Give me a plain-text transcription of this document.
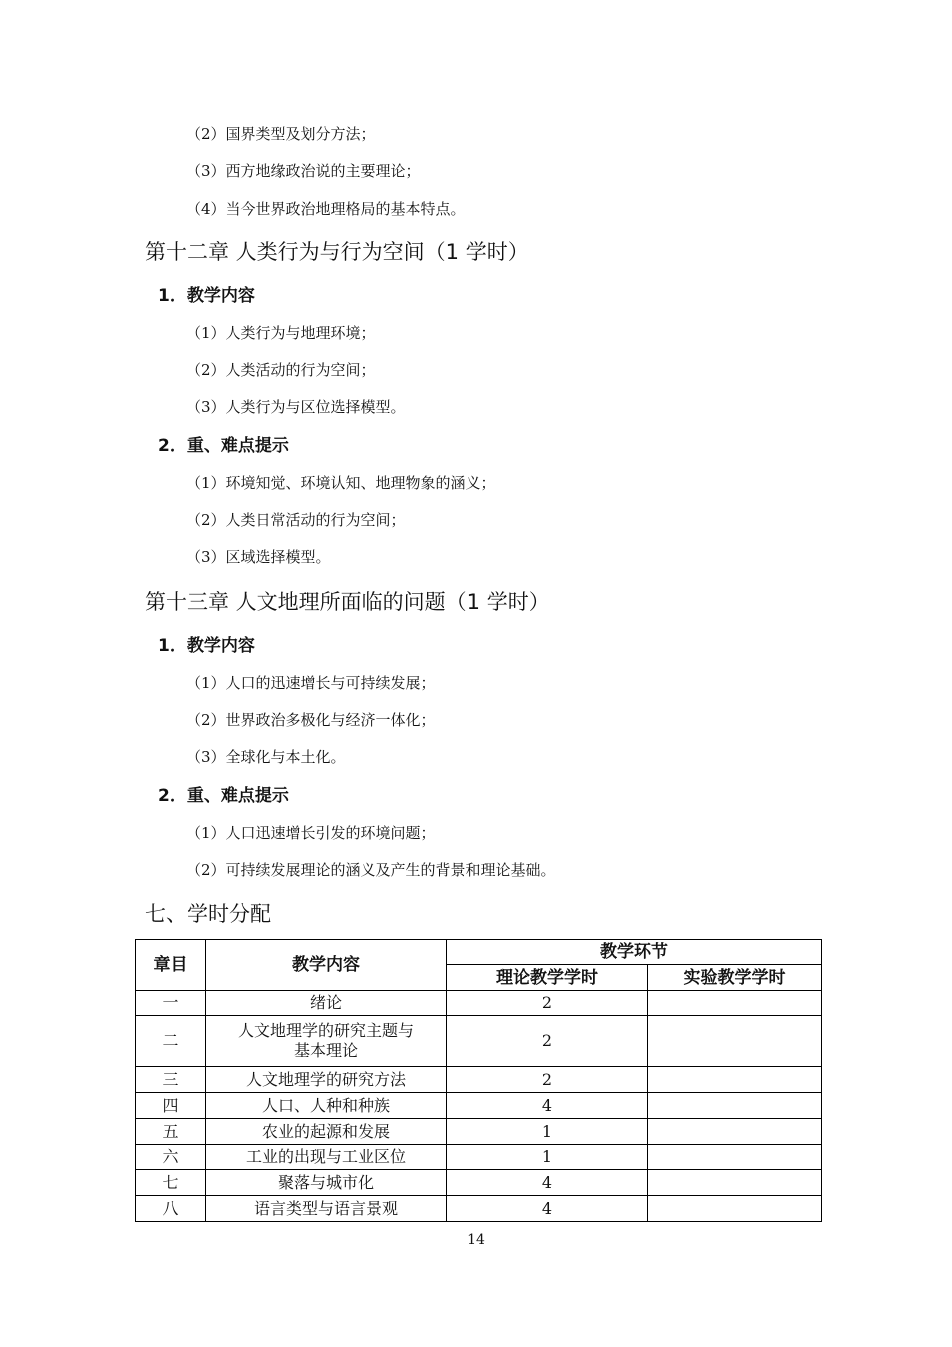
（2）国界类型及划分方法；
（3）西方地缘政治说的主要理论；
（4）当今世界政治地理格局的基本特点。
第十二章 人类行为与行为空间（1 学时）
1．教学内容
（1）人类行为与地理环境；
（2）人类活动的行为空间；
（3）人类行为与区位选择模型。
2．重、难点提示
（1）环境知觉、环境认知、地理物象的涵义；
（2）人类日常活动的行为空间；
（3）区域选择模型。
第十三章 人文地理所面临的问题（1 学时）
1．教学内容
（1）人口的迅速增长与可持续发展；
（2）世界政治多极化与经济一体化；
（3）全球化与本土化。
2．重、难点提示
（1）人口迅速增长引发的环境问题；
（2）可持续发展理论的涵义及产生的背景和理论基础。
七、学时分配
章目	教学内容	教学环节	
		理论教学学时	实验教学学时
一	绪论	2	
二	人文地理学的研究主题与
基本理论	2	
三	人文地理学的研究方法	2	
四	人口、人种和种族	4	
五	农业的起源和发展	1	
六	工业的出现与工业区位	1	
七	聚落与城市化	4	
八	语言类型与语言景观	4	
14
